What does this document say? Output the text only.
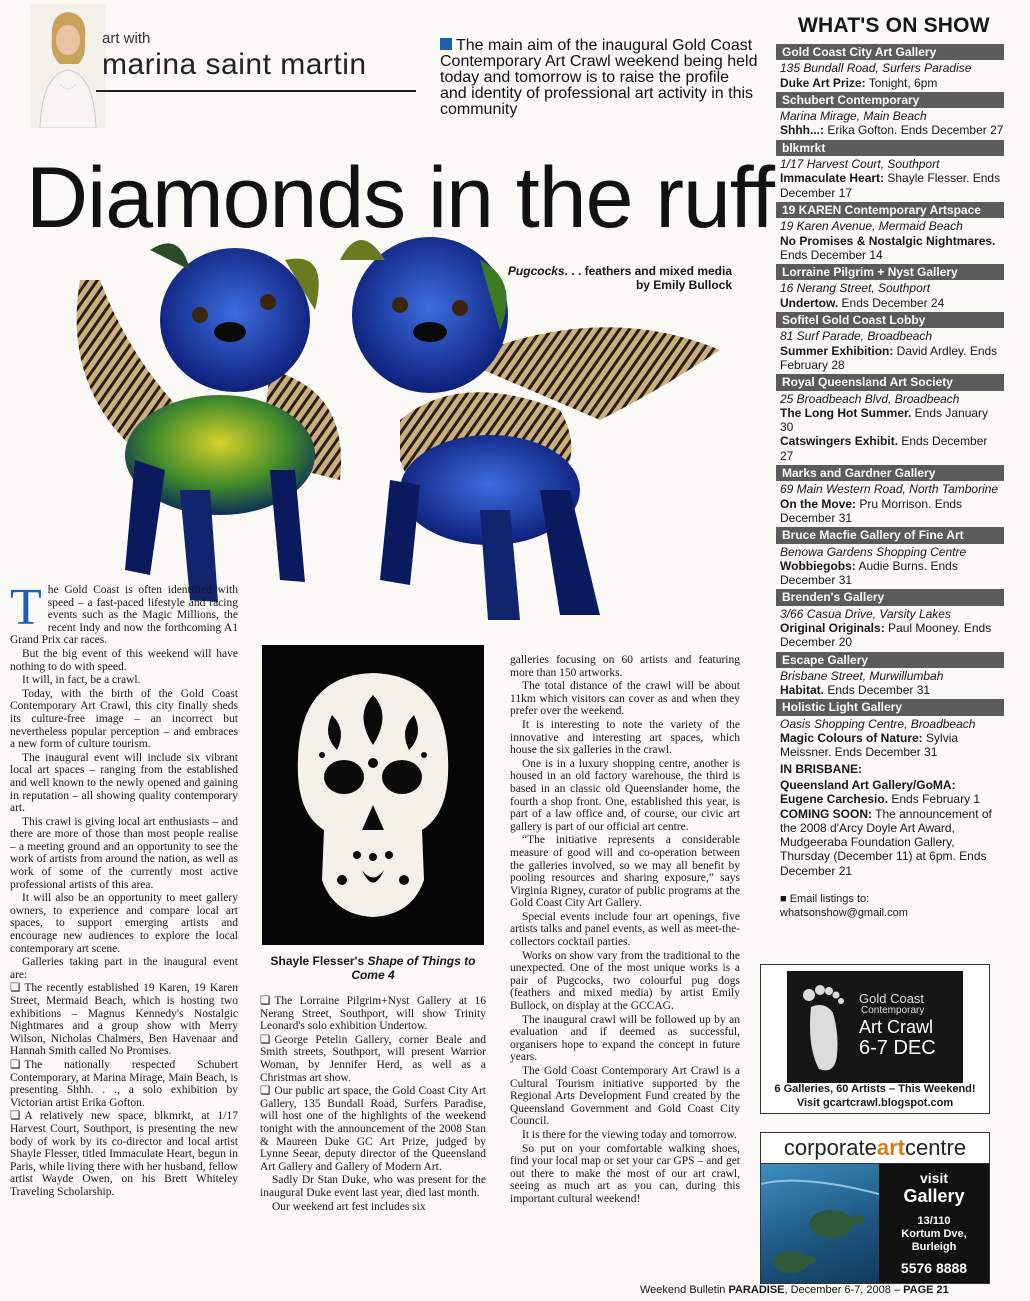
art with
marina saint martin
The main aim of the inaugural Gold Coast Contemporary Art Crawl weekend being held today and tomorrow is to raise the profile and identity of professional art activity in this community
Diamonds in the ruff
Pugcocks. . . feathers and mixed media by Emily Bullock
T he Gold Coast is often identified with speed – a fast-paced lifestyle and racing events such as the Magic Millions, the recent Indy and now the forthcoming A1 Grand Prix car races.

But the big event of this weekend will have nothing to do with speed.

It will, in fact, be a crawl.

Today, with the birth of the Gold Coast Contemporary Art Crawl, this city finally sheds its culture-free image – an incorrect but nevertheless popular perception – and embraces a new form of culture tourism.

The inaugural event will include six vibrant local art spaces – ranging from the established and well known to the newly opened and gaining in reputation – all showing quality contemporary art.

This crawl is giving local art enthusiasts – and there are more of those than most people realise – a meeting ground and an opportunity to see the work of artists from around the nation, as well as work of some of the currently most active professional artists of this area.

It will also be an opportunity to meet gallery owners, to experience and compare local art spaces, to support emerging artists and encourage new audiences to explore the local contemporary art scene.

Galleries taking part in the inaugural event are:

❏ The recently established 19 Karen, 19 Karen Street, Mermaid Beach, which is hosting two exhibitions – Magnus Kennedy's Nostalgic Nightmares and a group show with Merry Wilson, Nicholas Chalmers, Ben Havenaar and Hannah Smith called No Promises.

❏ The nationally respected Schubert Contemporary, at Marina Mirage, Main Beach, is presenting Shhh. . ., a solo exhibition by Victorian artist Erika Gofton.

❏ A relatively new space, blkmrkt, at 1/17 Harvest Court, Southport, is presenting the new body of work by its co-director and local artist Shayle Flesser, titled Immaculate Heart, begun in Paris, while living there with her husband, fellow artist Wayde Owen, on his Brett Whiteley Traveling Scholarship.

Shayle Flesser's Shape of Things to Come 4

❏ The Lorraine Pilgrim+Nyst Gallery at 16 Nerang Street, Southport, will show Trinity Leonard's solo exhibition Undertow.

❏ George Petelin Gallery, corner Beale and Smith streets, Southport, will present Warrior Woman, by Jennifer Herd, as well as a Christmas art show.

❏ Our public art space, the Gold Coast City Art Gallery, 135 Bundall Road, Surfers Paradise, will host one of the highlights of the weekend tonight with the announcement of the 2008 Stan & Maureen Duke GC Art Prize, judged by Lynne Seear, deputy director of the Queensland Art Gallery and Gallery of Modern Art.

Sadly Dr Stan Duke, who was present for the inaugural Duke event last year, died last month.

Our weekend art fest includes six

galleries focusing on 60 artists and featuring more than 150 artworks.

The total distance of the crawl will be about 11km which visitors can cover as and when they prefer over the weekend.

It is interesting to note the variety of the innovative and interesting art spaces, which house the six galleries in the crawl.

One is in a luxury shopping centre, another is housed in an old factory warehouse, the third is based in an classic old Queenslander home, the fourth a shop front. One, established this year, is part of a law office and, of course, our civic art gallery is part of our official art centre.

“The initiative represents a considerable measure of good will and co-operation between the galleries involved, so we may all benefit by pooling resources and sharing exposure,” says Virginia Rigney, curator of public programs at the Gold Coast City Art Gallery.

Special events include four art openings, five artists talks and panel events, as well as meet-the-collectors cocktail parties.

Works on show vary from the traditional to the unexpected. One of the most unique works is a pair of Pugcocks, two colourful pug dogs (feathers and mixed media) by artist Emily Bullock, on display at the GCCAG.

The inaugural crawl will be followed up by an evaluation and if deemed as successful, organisers hope to expand the concept in future years.

The Gold Coast Contemporary Art Crawl is a Cultural Tourism initiative supported by the Regional Arts Development Fund created by the Queensland Government and Gold Coast City Council.

It is there for the viewing today and tomorrow.

So put on your comfortable walking shoes, find your local map or set your car GPS – and get out there to make the most of our art crawl, seeing as much art as you can, during this important cultural weekend!

WHAT'S ON SHOW
Gold Coast City Art Gallery
135 Bundall Road, Surfers Paradise
Duke Art Prize: Tonight, 6pm
Schubert Contemporary
Marina Mirage, Main Beach
Shhh...: Erika Gofton. Ends December 27
blkmrkt
1/17 Harvest Court, Southport
Immaculate Heart: Shayle Flesser. Ends December 17
19 KAREN Contemporary Artspace
19 Karen Avenue, Mermaid Beach
No Promises & Nostalgic Nightmares. Ends December 14
Lorraine Pilgrim + Nyst Gallery
16 Nerang Street, Southport
Undertow. Ends December 24
Sofitel Gold Coast Lobby
81 Surf Parade, Broadbeach
Summer Exhibition: David Ardley. Ends February 28
Royal Queensland Art Society
25 Broadbeach Blvd, Broadbeach
The Long Hot Summer. Ends January 30
Catswingers Exhibit. Ends December 27
Marks and Gardner Gallery
69 Main Western Road, North Tamborine
On the Move: Pru Morrison. Ends December 31
Bruce Macfie Gallery of Fine Art
Benowa Gardens Shopping Centre
Wobbiegobs: Audie Burns. Ends December 31
Brenden's Gallery
3/66 Casua Drive, Varsity Lakes
Original Originals: Paul Mooney. Ends December 20
Escape Gallery
Brisbane Street, Murwillumbah
Habitat. Ends December 31
Holistic Light Gallery
Oasis Shopping Centre, Broadbeach
Magic Colours of Nature: Sylvia Meissner. Ends December 31
IN BRISBANE:
Queensland Art Gallery/GoMA:
Eugene Carchesio. Ends February 1
COMING SOON: The announcement of the 2008 d'Arcy Doyle Art Award, Mudgeeraba Foundation Gallery, Thursday (December 11) at 6pm. Ends December 21
■ Email listings to:
whatsonshow@gmail.com
Gold Coast
Contemporary
Art Crawl
6-7 DEC
6 Galleries, 60 Artists – This Weekend!
Visit gcartcrawl.blogspot.com
corporateartcentre
visit
Gallery
13/110
Kortum Dve,
Burleigh
5576 8888
Weekend Bulletin PARADISE, December 6-7, 2008 – PAGE 21
